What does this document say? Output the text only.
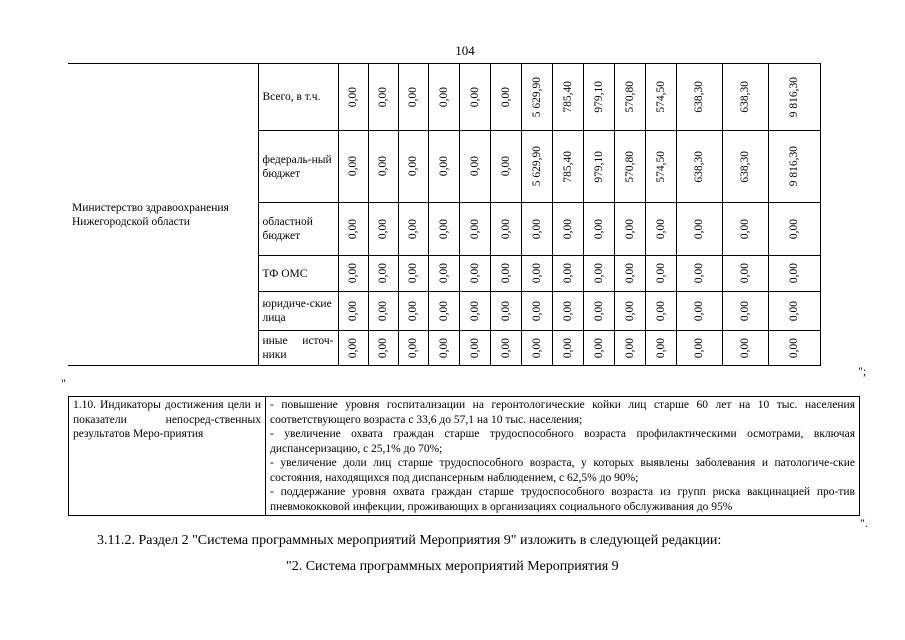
104
Министерство здравоохранения Нижегородской области	Всего, в т.ч.	0,00	0,00	0,00	0,00	0,00	0,00	5 629,90	785,40	979,10	570,80	574,50	638,30	638,30	9 816,30

	федераль-ный бюджет	0,00	0,00	0,00	0,00	0,00	0,00	5 629,90	785,40	979,10	570,80	574,50	638,30	638,30	9 816,30

	областной бюджет	0,00	0,00	0,00	0,00	0,00	0,00	0,00	0,00	0,00	0,00	0,00	0,00	0,00	0,00

	ТФ ОМС	0,00	0,00	0,00	0,00	0,00	0,00	0,00	0,00	0,00	0,00	0,00	0,00	0,00	0,00

	юридиче-ские лица	0,00	0,00	0,00	0,00	0,00	0,00	0,00	0,00	0,00	0,00	0,00	0,00	0,00	0,00

	иные источ-ники	0,00	0,00	0,00	0,00	0,00	0,00	0,00	0,00	0,00	0,00	0,00	0,00	0,00	0,00
";
"
1.10. Индикаторы достижения цели и показатели непосред-ственных результатов Меро-приятия	
- повышение уровня госпитализации на геронтологические койки лиц старше 60 лет на 10 тыс. населения соответствующего возраста с 33,6 до 57,1 на 10 тыс. населения;
- увеличение охвата граждан старше трудоспособного возраста профилактическими осмотрами, включая диспансеризацию, с 25,1% до 70%;
- увеличение доли лиц старше трудоспособного возраста, у которых выявлены заболевания и патологиче-ские состояния, находящихся под диспансерным наблюдением, с 62,5% до 90%;
- поддержание уровня охвата граждан старше трудоспособного возраста из групп риска вакцинацией про-тив пневмококковой инфекции, проживающих в организациях социального обслуживания до 95%
".
3.11.2. Раздел 2 "Система программных мероприятий Мероприятия 9" изложить в следующей редакции:
"2. Система программных мероприятий Мероприятия 9
